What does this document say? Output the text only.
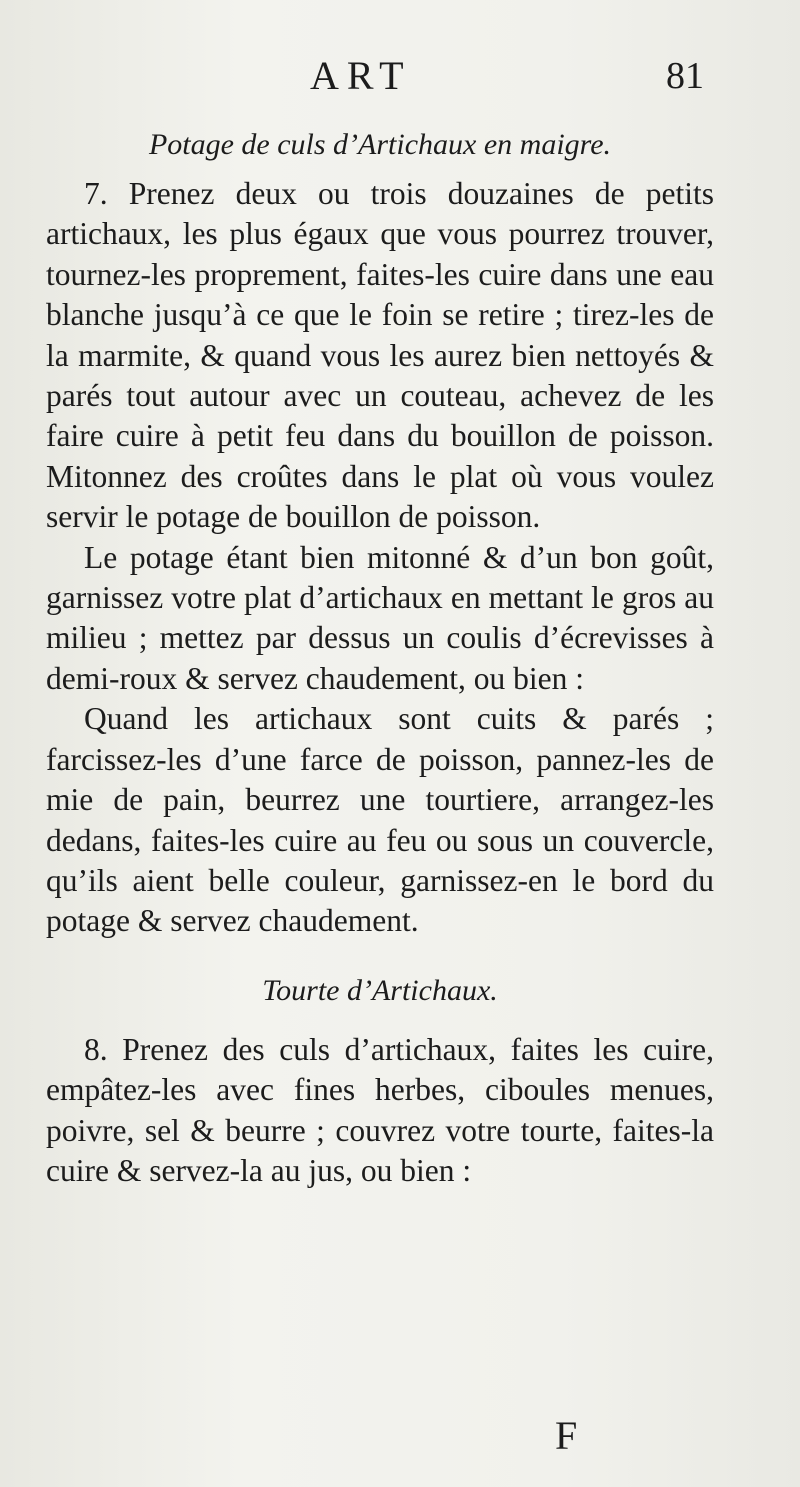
ART	81
Potage de culs d’Artichaux en maigre.

7. Prenez deux ou trois douzaines de petits artichaux, les plus égaux que vous pourrez trouver, tournez-les proprement, faites-les cuire dans une eau blanche jusqu’à ce que le foin se retire ; tirez-les de la marmite, & quand vous les aurez bien nettoyés & parés tout autour avec un couteau, achevez de les faire cuire à petit feu dans du bouillon de poisson. Mitonnez des croûtes dans le plat où vous voulez servir le potage de bouillon de poisson.

Le potage étant bien mitonné & d’un bon goût, garnissez votre plat d’artichaux en mettant le gros au milieu ; mettez par dessus un coulis d’écrevisses à demi-roux & servez chaudement, ou bien :

Quand les artichaux sont cuits & parés ; farcissez-les d’une farce de poisson, pannez-les de mie de pain, beurrez une tourtiere, arrangez-les dedans, faites-les cuire au feu ou sous un couvercle, qu’ils aient belle couleur, garnissez-en le bord du potage & servez chaudement.

Tourte d’Artichaux.

8. Prenez des culs d’artichaux, faites les cuire, empâtez-les avec fines herbes, ciboules menues, poivre, sel & beurre ; couvrez votre tourte, faites-la cuire & servez-la au jus, ou bien :

F
